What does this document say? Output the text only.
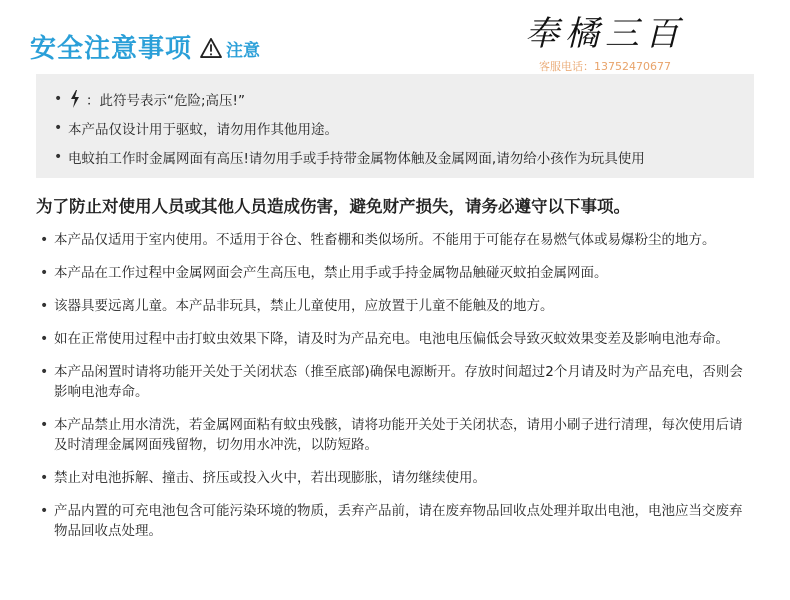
安全注意事项 注意	奉橘三百
客服电话：13752470677
•	：此符号表示“危险;高压!”
• 本产品仅设计用于驱蚊，请勿用作其他用途。
• 电蚊拍工作时金属网面有高压!请勿用手或手持带金属物体触及金属网面,请勿给小孩作为玩具使用
为了防止对使用人员或其他人员造成伤害，避免财产损失，请务必遵守以下事项。
• 本产品仅适用于室内使用。不适用于谷仓、牲畜棚和类似场所。不能用于可能存在易燃气体或易爆粉尘的地方。
• 本产品在工作过程中金属网面会产生高压电，禁止用手或手持金属物品触碰灭蚊拍金属网面。
• 该器具要远离儿童。本产品非玩具，禁止儿童使用，应放置于儿童不能触及的地方。
• 如在正常使用过程中击打蚊虫效果下降，请及时为产品充电。电池电压偏低会导致灭蚊效果变差及影响电池寿命。
• 本产品闲置时请将功能开关处于关闭状态（推至底部)确保电源断开。存放时间超过2个月请及时为产品充电，否则会影响电池寿命。
• 本产品禁止用水清洗，若金属网面粘有蚊虫残骸，请将功能开关处于关闭状态，请用小刷子进行清理，每次使用后请及时清理金属网面残留物，切勿用水冲洗，以防短路。
• 禁止对电池拆解、撞击、挤压或投入火中，若出现膨胀，请勿继续使用。
• 产品内置的可充电池包含可能污染环境的物质，丢弃产品前，请在废弃物品回收点处理并取出电池，电池应当交废弃物品回收点处理。
